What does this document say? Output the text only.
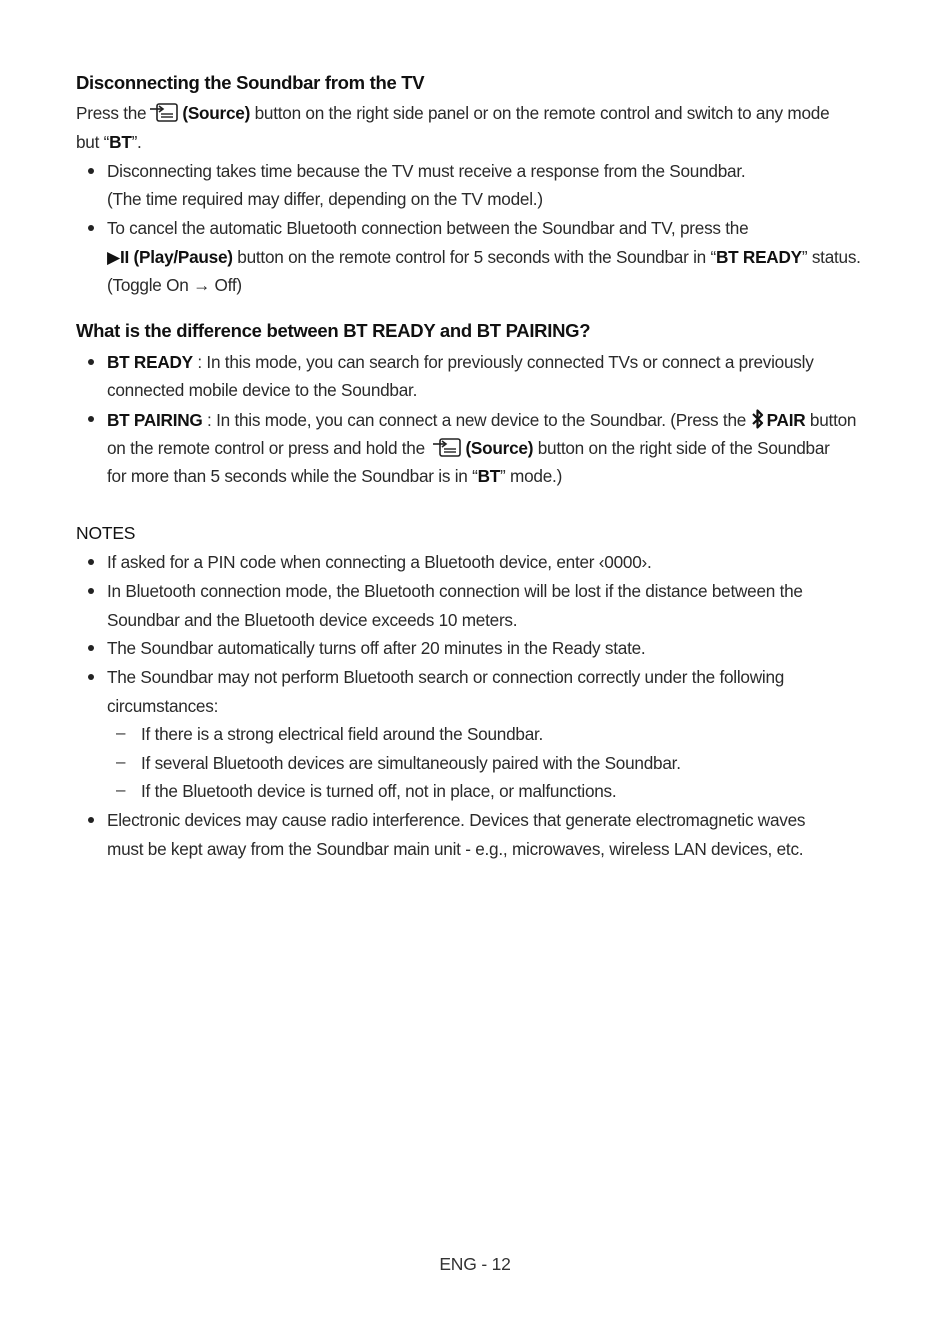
Disconnecting the Soundbar from the TV
Press the (Source) button on the right side panel or on the remote control and switch to any mode
but “BT”.
Disconnecting takes time because the TV must receive a response from the Soundbar.
(The time required may differ, depending on the TV model.)
To cancel the automatic Bluetooth connection between the Soundbar and TV, press the
▶II (Play/Pause) button on the remote control for 5 seconds with the Soundbar in “BT READY” status.
(Toggle On → Off)
What is the difference between BT READY and BT PAIRING?
BT READY : In this mode, you can search for previously connected TVs or connect a previously
connected mobile device to the Soundbar.
BT PAIRING : In this mode, you can connect a new device to the Soundbar. (Press the PAIR button
on the remote control or press and hold the (Source) button on the right side of the Soundbar
for more than 5 seconds while the Soundbar is in “BT” mode.)
NOTES
If asked for a PIN code when connecting a Bluetooth device, enter ‹0000›.
In Bluetooth connection mode, the Bluetooth connection will be lost if the distance between the
Soundbar and the Bluetooth device exceeds 10 meters.
The Soundbar automatically turns off after 20 minutes in the Ready state.
The Soundbar may not perform Bluetooth search or connection correctly under the following
circumstances:
– If there is a strong electrical field around the Soundbar.
– If several Bluetooth devices are simultaneously paired with the Soundbar.
– If the Bluetooth device is turned off, not in place, or malfunctions.
Electronic devices may cause radio interference. Devices that generate electromagnetic waves
must be kept away from the Soundbar main unit - e.g., microwaves, wireless LAN devices, etc.
ENG - 12
